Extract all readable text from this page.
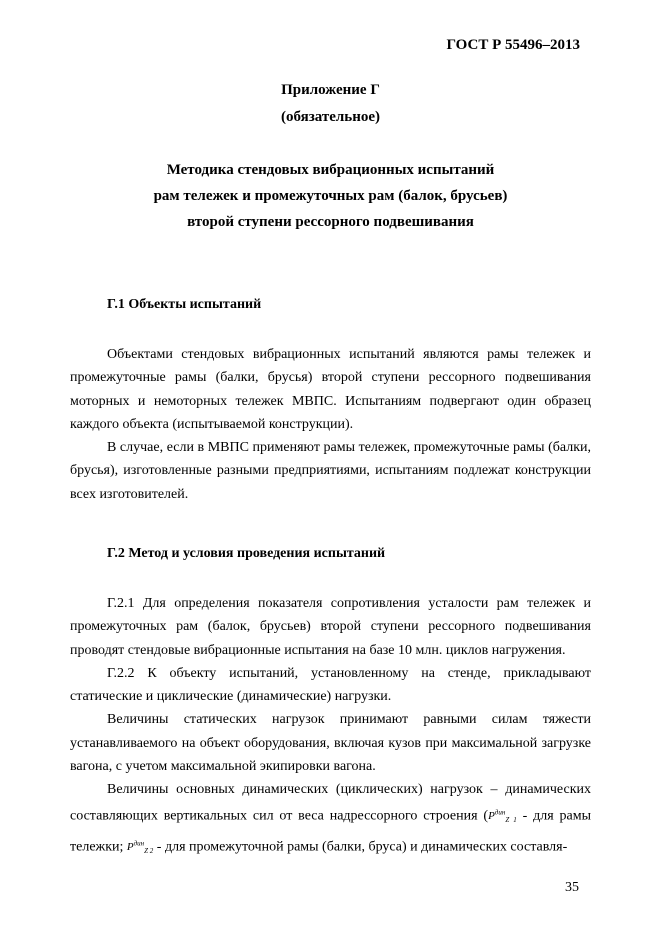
ГОСТ Р 55496–2013
Приложение Г
(обязательное)
Методика стендовых вибрационных испытаний
рам тележек и промежуточных рам (балок, брусьев)
второй ступени рессорного подвешивания
Г.1 Объекты испытаний

Объектами стендовых вибрационных испытаний являются рамы тележек и промежуточные рамы (балки, брусья) второй ступени рессорного подвешивания моторных и немоторных тележек МВПС. Испытаниям подвергают один образец каждого объекта (испытываемой конструкции).

В случае, если в МВПС применяют рамы тележек, промежуточные рамы (балки, брусья), изготовленные разными предприятиями, испытаниям подлежат конструкции всех изготовителей.

Г.2 Метод и условия проведения испытаний

Г.2.1 Для определения показателя сопротивления усталости рам тележек и промежуточных рам (балок, брусьев) второй ступени рессорного подвешивания проводят стендовые вибрационные испытания на базе 10 млн. циклов нагружения.

Г.2.2 К объекту испытаний, установленному на стенде, прикладывают статические и циклические (динамические) нагрузки.

Величины статических нагрузок принимают равными силам тяжести устанавливаемого на объект оборудования, включая кузов при максимальной загрузке вагона, с учетом максимальной экипировки вагона.

Величины основных динамических (циклических) нагрузок – динамических составляющих вертикальных сил от веса надрессорного строения ($P^{дин}_{Z 1}$ - для рамы тележки; $P^{дин}_{Z 2}$ - для промежуточной рамы (балки, бруса) и динамических составля-

35
